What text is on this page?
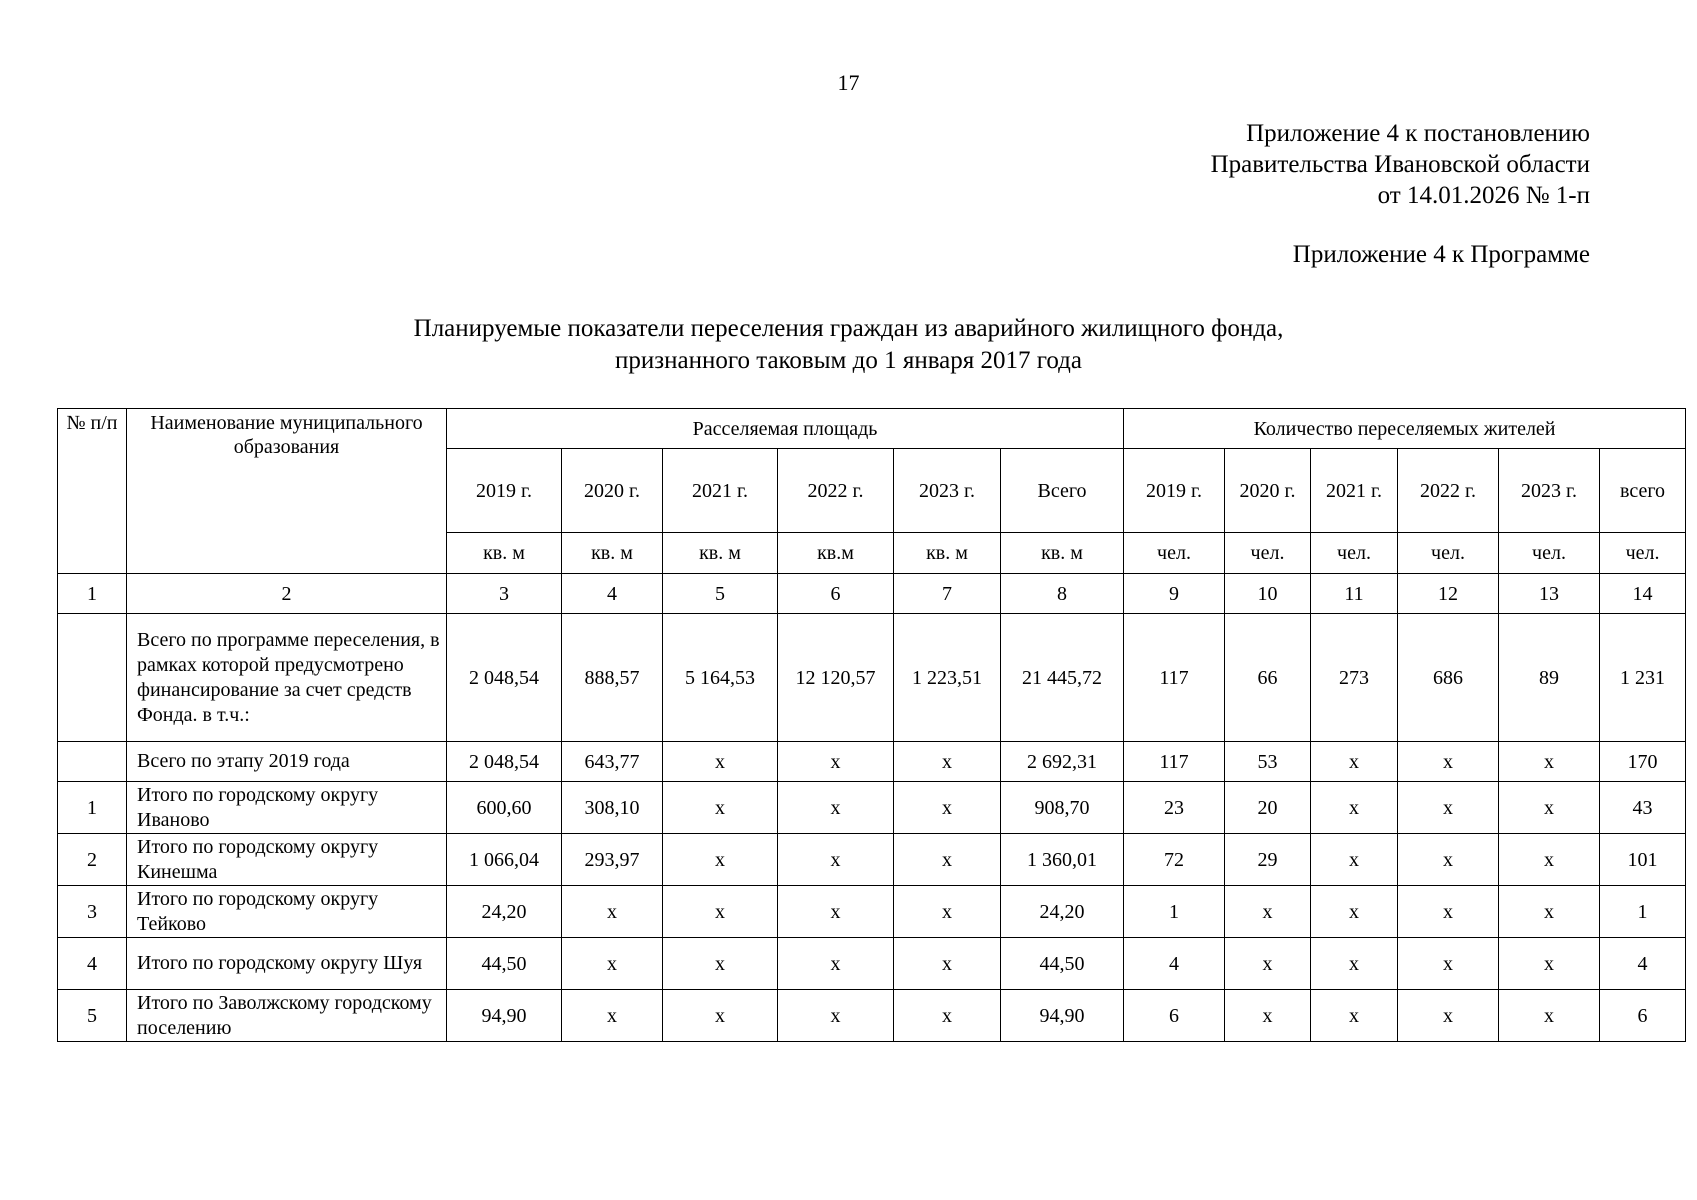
17
Приложение 4 к постановлению
Правительства Ивановской области
от 14.01.2026 № 1-п
Приложение 4 к Программе
Планируемые показатели переселения граждан из аварийного жилищного фонда,
признанного таковым до 1 января 2017 года
№ п/п	Наименование муниципального образования	Расселяемая площадь						Количество переселяемых жителей					
		2019 г.	2020 г.	2021 г.	2022 г.	2023 г.	Всего	2019 г.	2020 г.	2021 г.	2022 г.	2023 г.	всего
		кв. м	кв. м	кв. м	кв.м	кв. м	кв. м	чел.	чел.	чел.	чел.	чел.	чел.
1	2	3	4	5	6	7	8	9	10	11	12	13	14
	Всего по программе переселения, в рамках которой предусмотрено финансирование за счет средств Фонда. в т.ч.:	2 048,54	888,57	5 164,53	12 120,57	1 223,51	21 445,72	117	66	273	686	89	1 231
	Всего по этапу 2019 года	2 048,54	643,77	х	х	х	2 692,31	117	53	х	х	х	170
1	Итого по городскому округу Иваново	600,60	308,10	х	х	х	908,70	23	20	х	х	х	43
2	Итого по городскому округу Кинешма	1 066,04	293,97	х	х	х	1 360,01	72	29	х	х	х	101
3	Итого по городскому округу Тейково	24,20	х	х	х	х	24,20	1	х	х	х	х	1
4	Итого по городскому округу Шуя	44,50	х	х	х	х	44,50	4	х	х	х	х	4
5	Итого по Заволжскому городскому поселению	94,90	х	х	х	х	94,90	6	х	х	х	х	6
